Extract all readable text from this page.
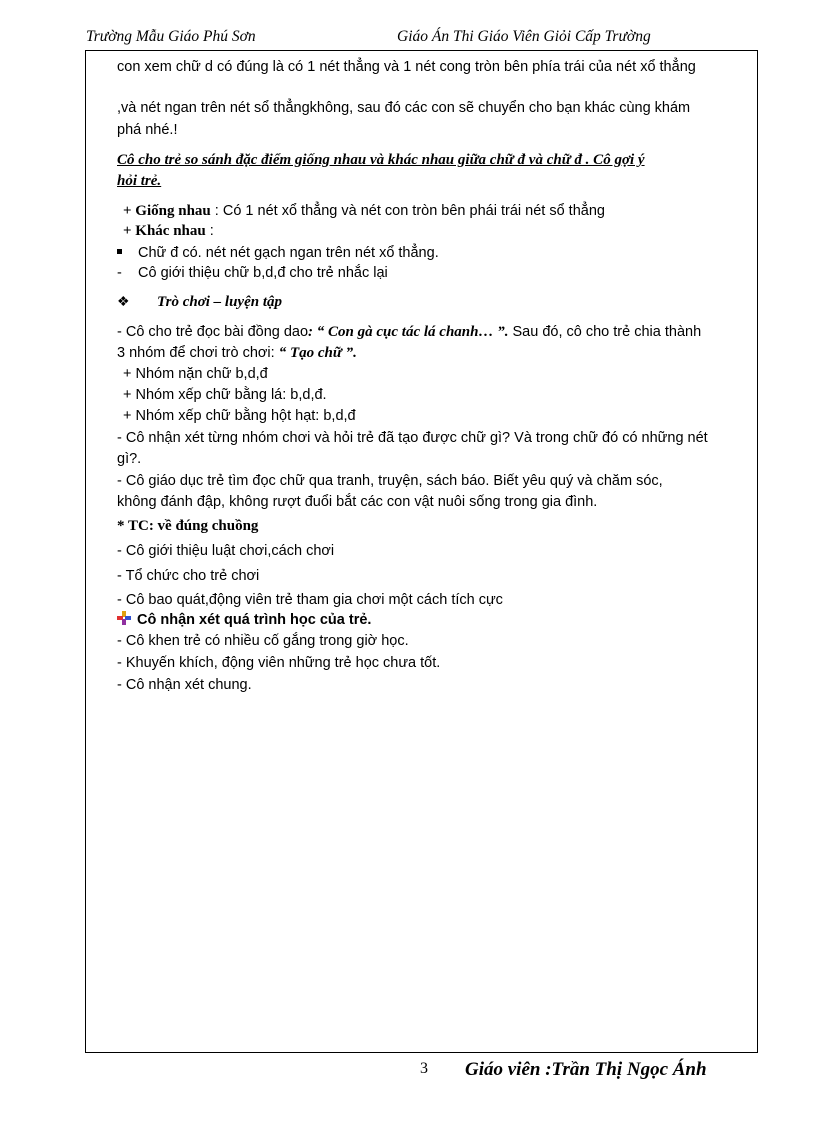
Trường Mẫu Giáo Phú Sơn	Giáo Án Thi Giáo Viên Giỏi Cấp Trường
con xem chữ d có đúng là có 1 nét thẳng và 1 nét cong tròn bên phía trái của nét xổ thẳng
,và nét ngan trên nét sổ thẳngkhông, sau đó các con sẽ chuyển cho bạn khác cùng khám
phá nhé.!
Cô cho trẻ so sánh đặc điểm giống nhau và khác nhau giữa chữ đ và chữ đ . Cô gợi ý
hỏi trẻ.
+ Giống nhau : Có 1 nét xổ thẳng và nét con tròn bên phái trái nét sổ thẳng
+ Khác nhau :
Chữ đ có. nét nét gạch ngan trên nét xổ thẳng.
- Cô giới thiệu chữ b,d,đ cho trẻ nhắc lại
❖ Trò chơi – luyện tập
- Cô cho trẻ đọc bài đồng dao: “ Con gà cục tác lá chanh… ”. Sau đó, cô cho trẻ chia thành
3 nhóm để chơi trò chơi: “ Tạo chữ ”.
+ Nhóm nặn chữ b,d,đ
+ Nhóm xếp chữ bằng lá: b,d,đ.
+ Nhóm xếp chữ bằng hột hạt: b,d,đ
- Cô nhận xét từng nhóm chơi và hỏi trẻ đã tạo được chữ gì? Và trong chữ đó có những nét
gì?.
- Cô giáo dục trẻ tìm đọc chữ qua tranh, truyện, sách báo. Biết yêu quý và chăm sóc,
không đánh đập, không rượt đuổi bắt các con vật nuôi sống trong gia đình.
* TC: về đúng chuồng
- Cô giới thiệu luật chơi,cách chơi
- Tổ chức cho trẻ chơi
- Cô bao quát,động viên trẻ tham gia chơi một cách tích cực
Cô nhận xét quá trình học của trẻ.
- Cô khen trẻ có nhiều cố gắng trong giờ học.
- Khuyến khích, động viên những trẻ học chưa tốt.
- Cô nhận xét chung.
3 Giáo viên :Trần Thị Ngọc Ánh
